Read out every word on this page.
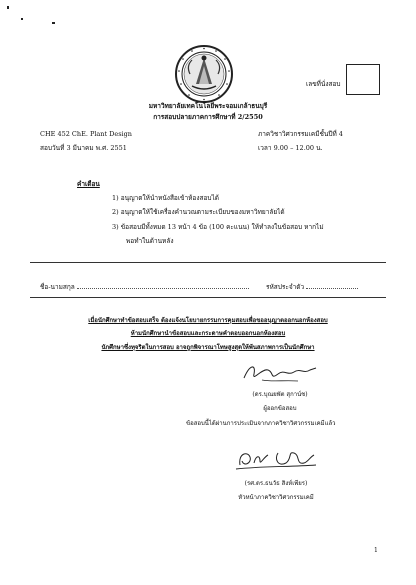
เลขที่นั่งสอบ
มหาวิทยาลัยเทคโนโลยีพระจอมเกล้าธนบุรี
การสอบปลายภาคการศึกษาที่ 2/2550
CHE 452 ChE. Plant Design	ภาควิชาวิศวกรรมเคมีชั้นปีที่ 4
สอบวันที่ 3 มีนาคม พ.ศ. 2551	เวลา 9.00 – 12.00 น.
คำเตือน
1) อนุญาตให้นำหนังสือเข้าห้องสอบได้
2) อนุญาตให้ใช้เครื่องคำนวณตามระเบียบของมหาวิทยาลัยได้
3) ข้อสอบมีทั้งหมด 13 หน้า 4 ข้อ (100 คะแนน) ให้ทำลงในข้อสอบ หากไม่
พอทำในด้านหลัง
ชื่อ-นามสกุล	รหัสประจำตัว
เมื่อนักศึกษาทำข้อสอบเสร็จ ต้องแจ้งนโยบายกรรมการคุมสอบเพื่อขออนุญาตออกนอกห้องสอบ
ห้ามนักศึกษานำข้อสอบและกระดาษคำตอบออกนอกห้องสอบ
นักศึกษาซึ่งทุจริตในการสอบ อาจถูกพิจารณาโทษสูงสุดให้พ้นสภาพการเป็นนักศึกษา
(ดร.บุณยพัต สุกาน์ช)
ผู้ออกข้อสอบ
ข้อสอบนี้ได้ผ่านการประเมินจากภาควิชาวิศวกรรมเคมีแล้ว
(รศ.ดร.ธนวัธ สิงห์เพียร)
หัวหน้าภาควิชาวิศวกรรมเคมี
1
